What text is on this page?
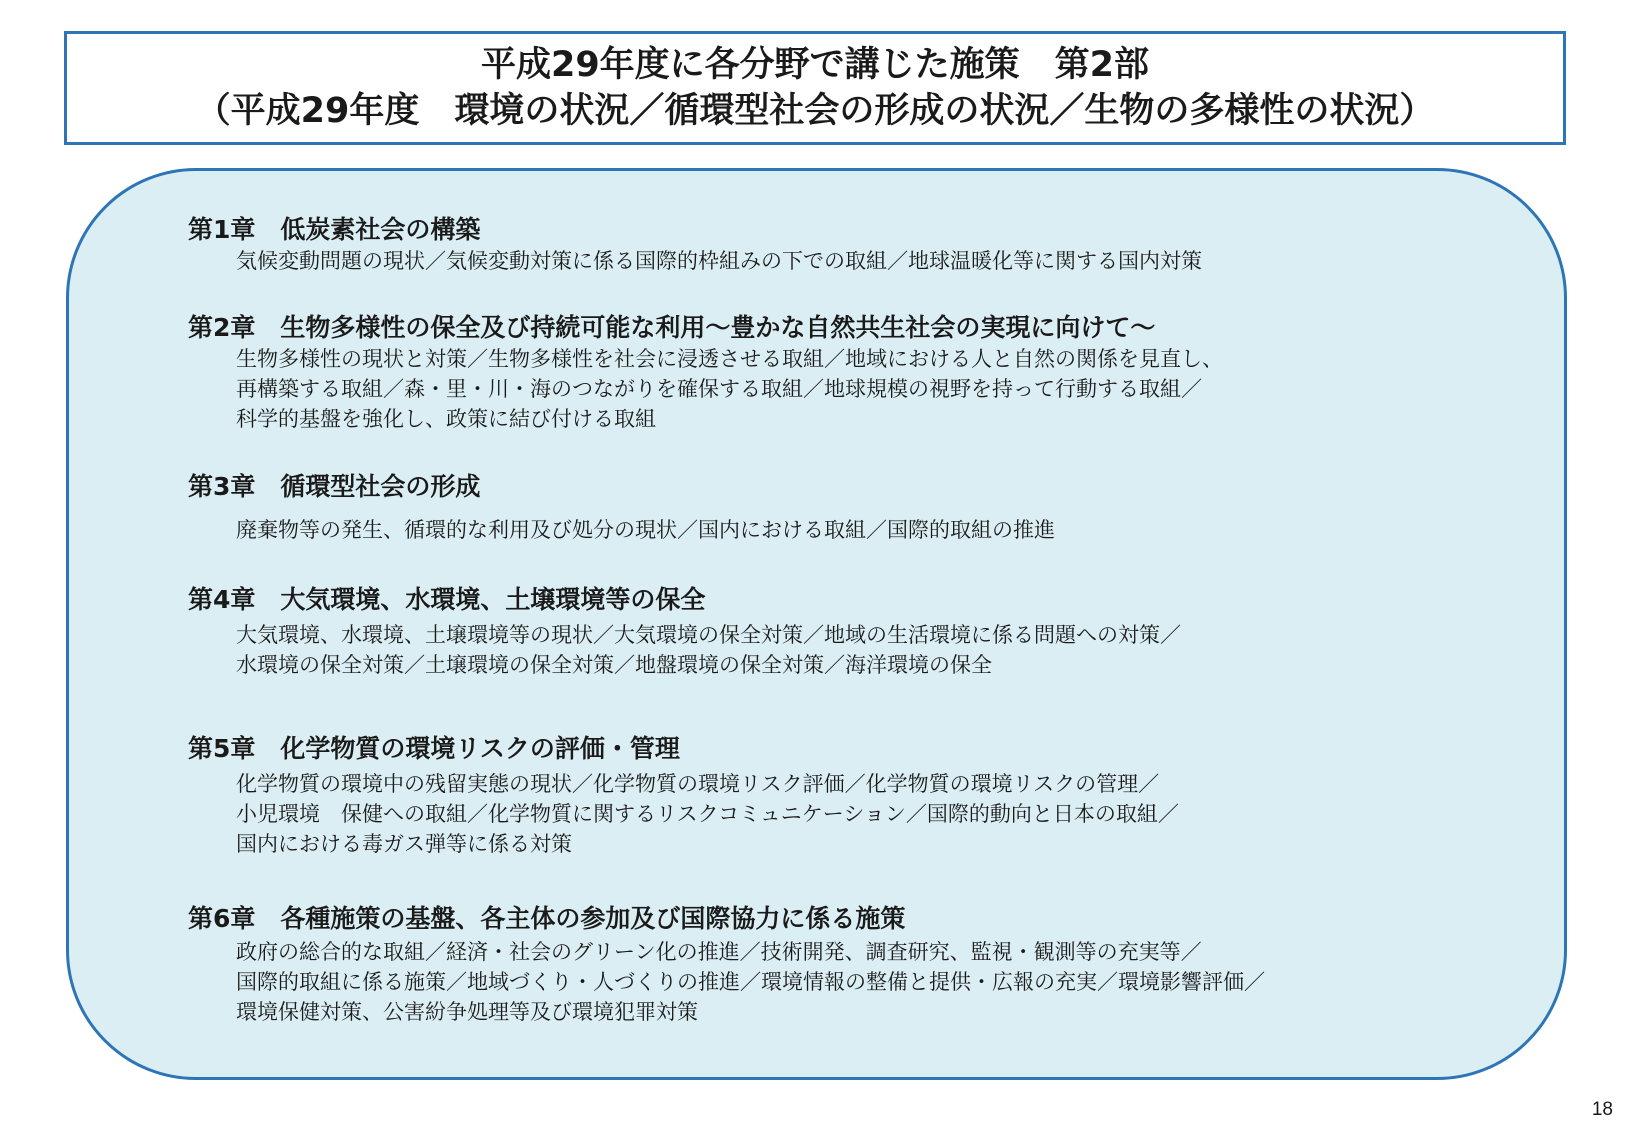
平成29年度に各分野で講じた施策　第2部
（平成29年度　環境の状況／循環型社会の形成の状況／生物の多様性の状況）
第1章　低炭素社会の構築
気候変動問題の現状／気候変動対策に係る国際的枠組みの下での取組／地球温暖化等に関する国内対策
第2章　生物多様性の保全及び持続可能な利用～豊かな自然共生社会の実現に向けて～
生物多様性の現状と対策／生物多様性を社会に浸透させる取組／地域における人と自然の関係を見直し、
再構築する取組／森・里・川・海のつながりを確保する取組／地球規模の視野を持って行動する取組／
科学的基盤を強化し、政策に結び付ける取組
第3章　循環型社会の形成
廃棄物等の発生、循環的な利用及び処分の現状／国内における取組／国際的取組の推進
第4章　大気環境、水環境、土壌環境等の保全
大気環境、水環境、土壌環境等の現状／大気環境の保全対策／地域の生活環境に係る問題への対策／
水環境の保全対策／土壌環境の保全対策／地盤環境の保全対策／海洋環境の保全
第5章　化学物質の環境リスクの評価・管理
化学物質の環境中の残留実態の現状／化学物質の環境リスク評価／化学物質の環境リスクの管理／
小児環境　保健への取組／化学物質に関するリスクコミュニケーション／国際的動向と日本の取組／
国内における毒ガス弾等に係る対策
第6章　各種施策の基盤、各主体の参加及び国際協力に係る施策
政府の総合的な取組／経済・社会のグリーン化の推進／技術開発、調査研究、監視・観測等の充実等／
国際的取組に係る施策／地域づくり・人づくりの推進／環境情報の整備と提供・広報の充実／環境影響評価／
環境保健対策、公害紛争処理等及び環境犯罪対策
18
